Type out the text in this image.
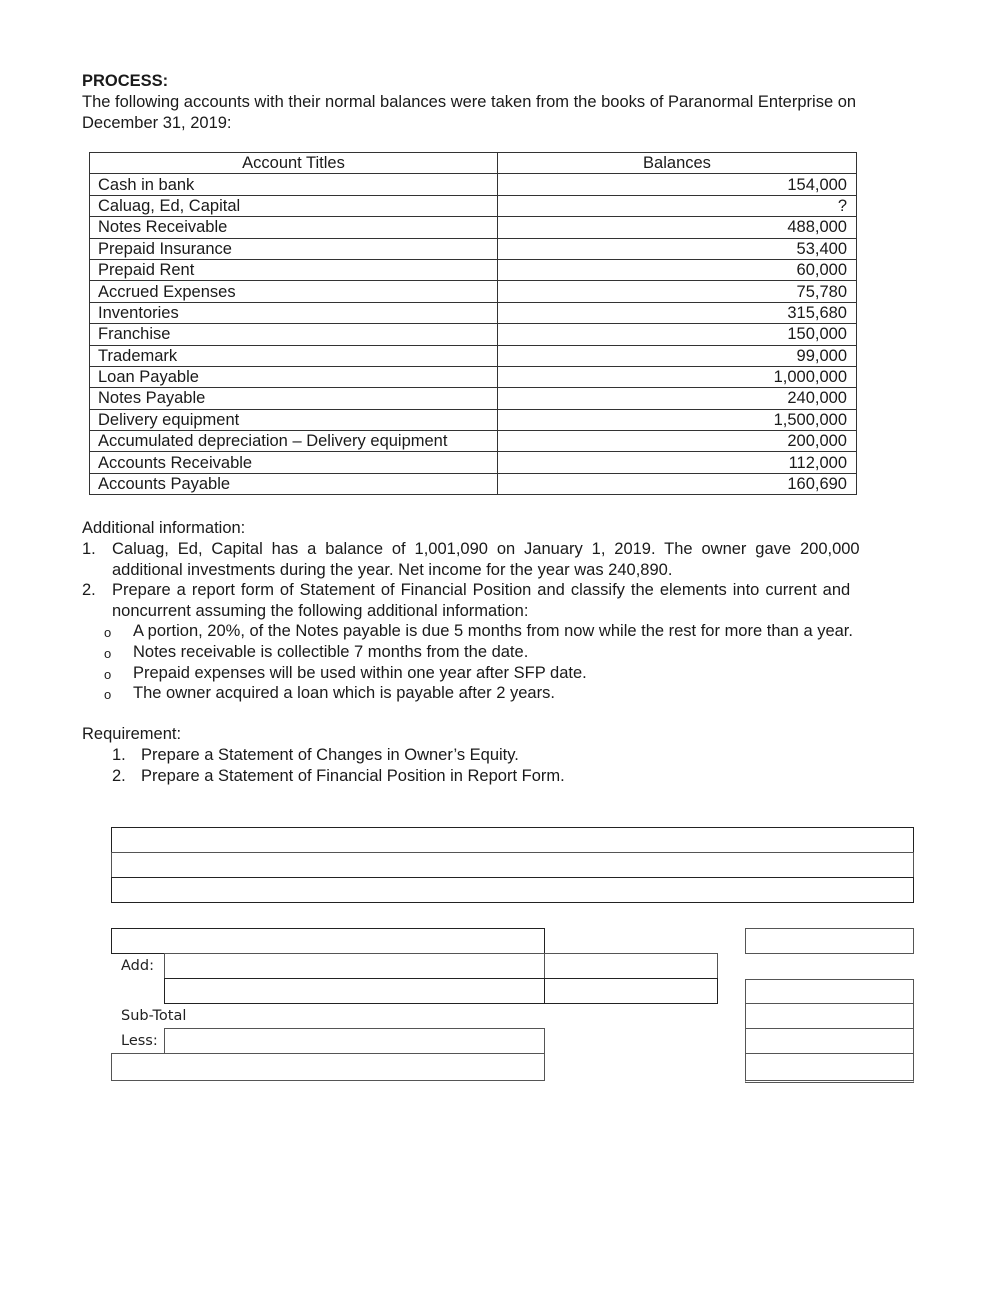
PROCESS:
The following accounts with their normal balances were taken from the books of Paranormal Enterprise on
December 31, 2019:
Account Titles	Balances
Cash in bank	154,000
Caluag, Ed, Capital	?
Notes Receivable	488,000
Prepaid Insurance	53,400
Prepaid Rent	60,000
Accrued Expenses	75,780
Inventories	315,680
Franchise	150,000
Trademark	99,000
Loan Payable	1,000,000
Notes Payable	240,000
Delivery equipment	1,500,000
Accumulated depreciation – Delivery equipment	200,000
Accounts Receivable	112,000
Accounts Payable	160,690
Additional information:
1. Caluag, Ed, Capital has a balance of 1,001,090 on January 1, 2019. The owner gave 200,000
additional investments during the year. Net income for the year was 240,890.
2. Prepare a report form of Statement of Financial Position and classify the elements into current and
noncurrent assuming the following additional information:
o A portion, 20%, of the Notes payable is due 5 months from now while the rest for more than a year.
o Notes receivable is collectible 7 months from the date.
o Prepaid expenses will be used within one year after SFP date.
o The owner acquired a loan which is payable after 2 years.
Requirement:
1. Prepare a Statement of Changes in Owner’s Equity.
2. Prepare a Statement of Financial Position in Report Form.
Add:
Sub-Total
Less:
